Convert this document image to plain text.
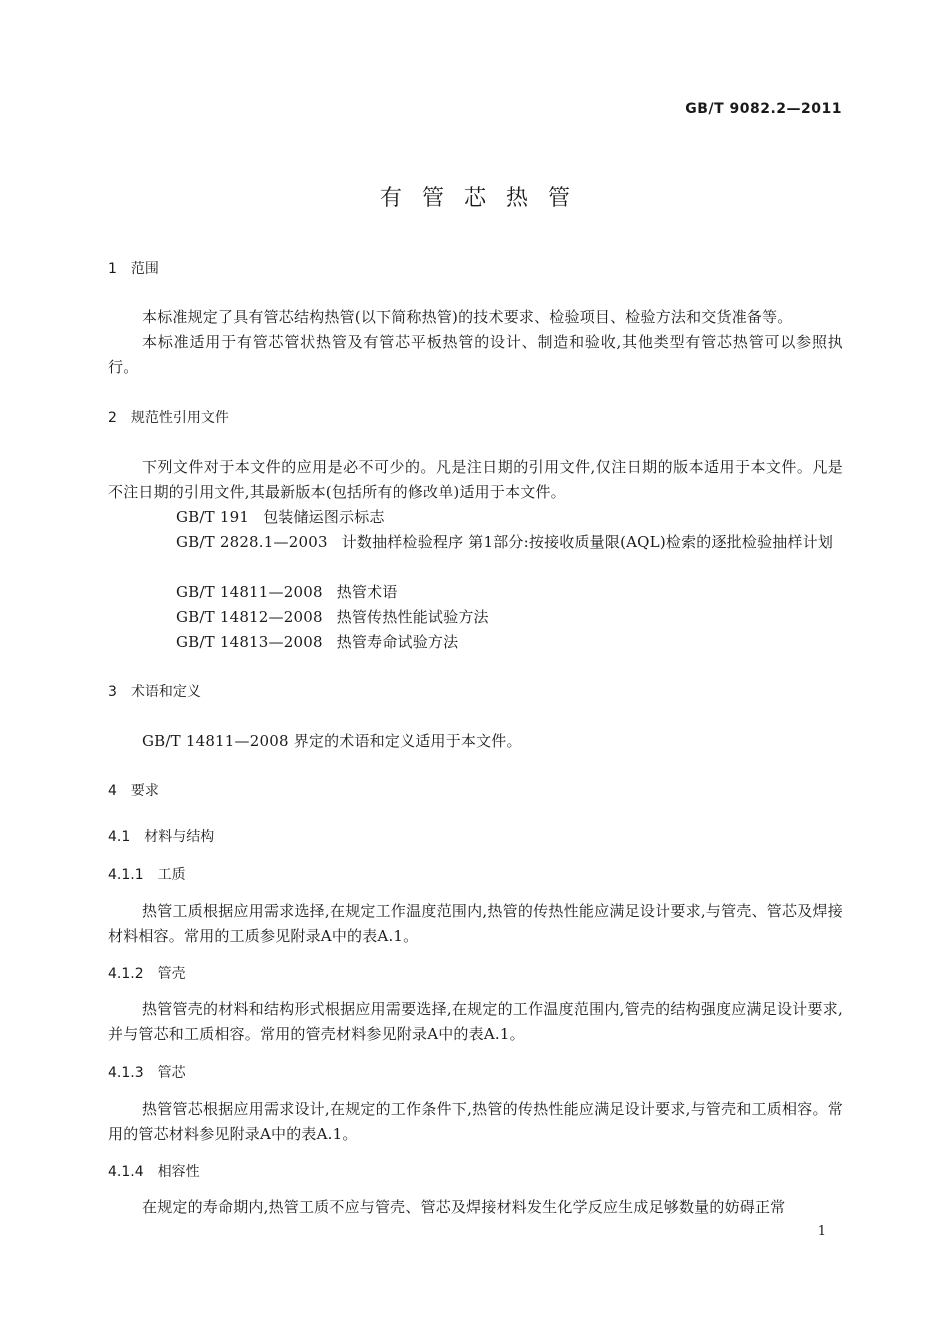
GB/T 9082.2—2011
有管芯热管
1 范围
本标准规定了具有管芯结构热管(以下简称热管)的技术要求、检验项目、检验方法和交货准备等。
本标准适用于有管芯管状热管及有管芯平板热管的设计、制造和验收,其他类型有管芯热管可以参照执行。
2 规范性引用文件
下列文件对于本文件的应用是必不可少的。凡是注日期的引用文件,仅注日期的版本适用于本文件。凡是不注日期的引用文件,其最新版本(包括所有的修改单)适用于本文件。
GB/T 191 包装储运图示标志
GB/T 2828.1—2003 计数抽样检验程序 第1部分:按接收质量限(AQL)检索的逐批检验抽样计划
GB/T 14811—2008 热管术语
GB/T 14812—2008 热管传热性能试验方法
GB/T 14813—2008 热管寿命试验方法
3 术语和定义
GB/T 14811—2008 界定的术语和定义适用于本文件。
4 要求
4.1 材料与结构
4.1.1 工质
热管工质根据应用需求选择,在规定工作温度范围内,热管的传热性能应满足设计要求,与管壳、管芯及焊接材料相容。常用的工质参见附录A中的表A.1。
4.1.2 管壳
热管管壳的材料和结构形式根据应用需要选择,在规定的工作温度范围内,管壳的结构强度应满足设计要求,并与管芯和工质相容。常用的管壳材料参见附录A中的表A.1。
4.1.3 管芯
热管管芯根据应用需求设计,在规定的工作条件下,热管的传热性能应满足设计要求,与管壳和工质相容。常用的管芯材料参见附录A中的表A.1。
4.1.4 相容性
在规定的寿命期内,热管工质不应与管壳、管芯及焊接材料发生化学反应生成足够数量的妨碍正常
1
